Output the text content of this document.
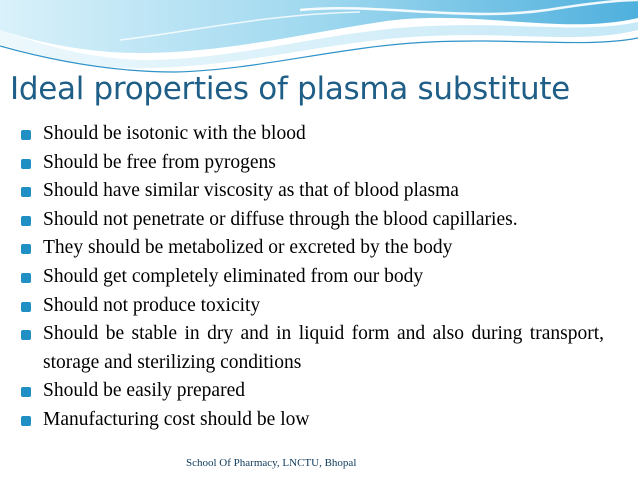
Ideal properties of plasma substitute
Should be isotonic with the blood
Should be free from pyrogens
Should have similar viscosity as that of blood plasma
Should not penetrate or diffuse through the blood capillaries.
They should be metabolized or excreted by the body
Should get completely eliminated from our body
Should not produce toxicity
Should be stable in dry and in liquid form and also during transport, storage and sterilizing conditions
Should be easily prepared
Manufacturing cost should be low
School Of Pharmacy, LNCTU, Bhopal
